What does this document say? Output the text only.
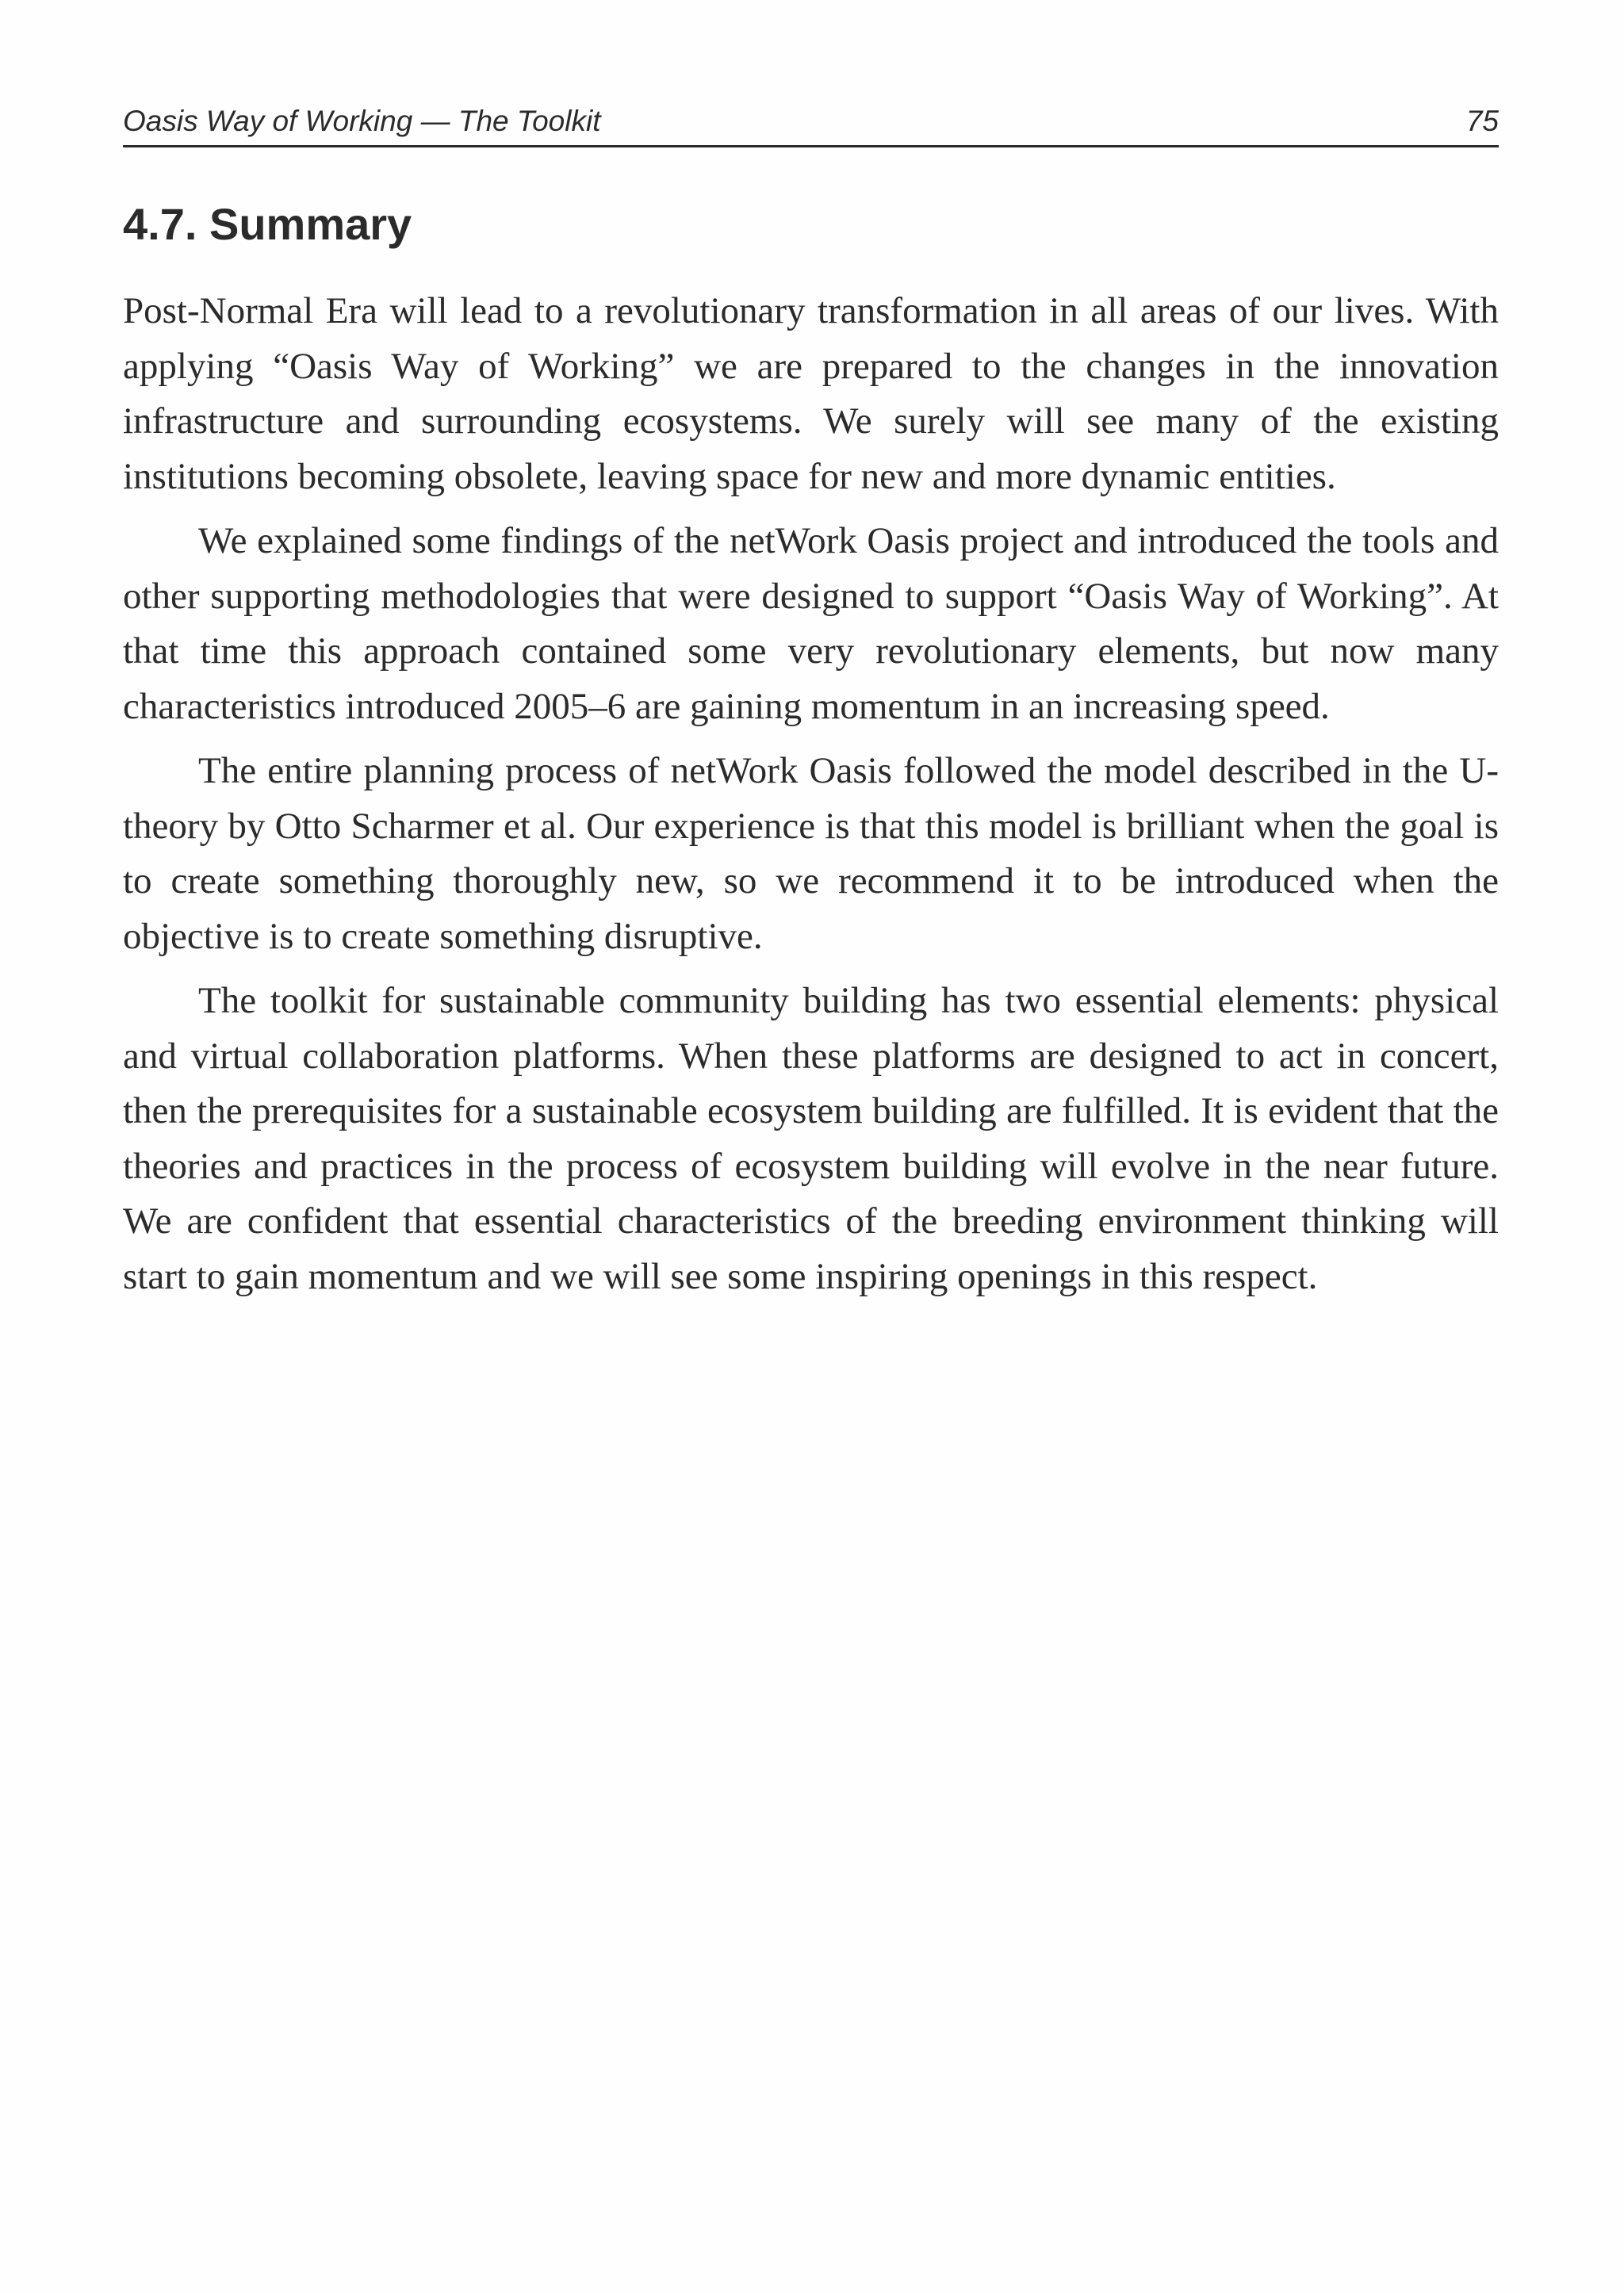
Oasis Way of Working — The Toolkit	75
4.7. Summary

Post-Normal Era will lead to a revolutionary transformation in all areas of our lives. With applying “Oasis Way of Working” we are prepared to the changes in the innovation infrastructure and surrounding ecosystems. We surely will see many of the existing institutions becoming obsolete, leaving space for new and more dynamic entities.

We explained some findings of the netWork Oasis project and introduced the tools and other supporting methodologies that were designed to support “Oasis Way of Working”. At that time this approach contained some very revolutionary elements, but now many characteristics introduced 2005–6 are gaining momentum in an increasing speed.

The entire planning process of netWork Oasis followed the model described in the U-theory by Otto Scharmer et al. Our experience is that this model is brilliant when the goal is to create something thoroughly new, so we recommend it to be introduced when the objective is to create something disruptive.

The toolkit for sustainable community building has two essential elements: physical and virtual collaboration platforms. When these platforms are designed to act in concert, then the prerequisites for a sustainable ecosystem building are fulfilled. It is evident that the theories and practices in the process of ecosystem building will evolve in the near future. We are confident that essential characteristics of the breeding environment thinking will start to gain momentum and we will see some inspiring openings in this respect.
